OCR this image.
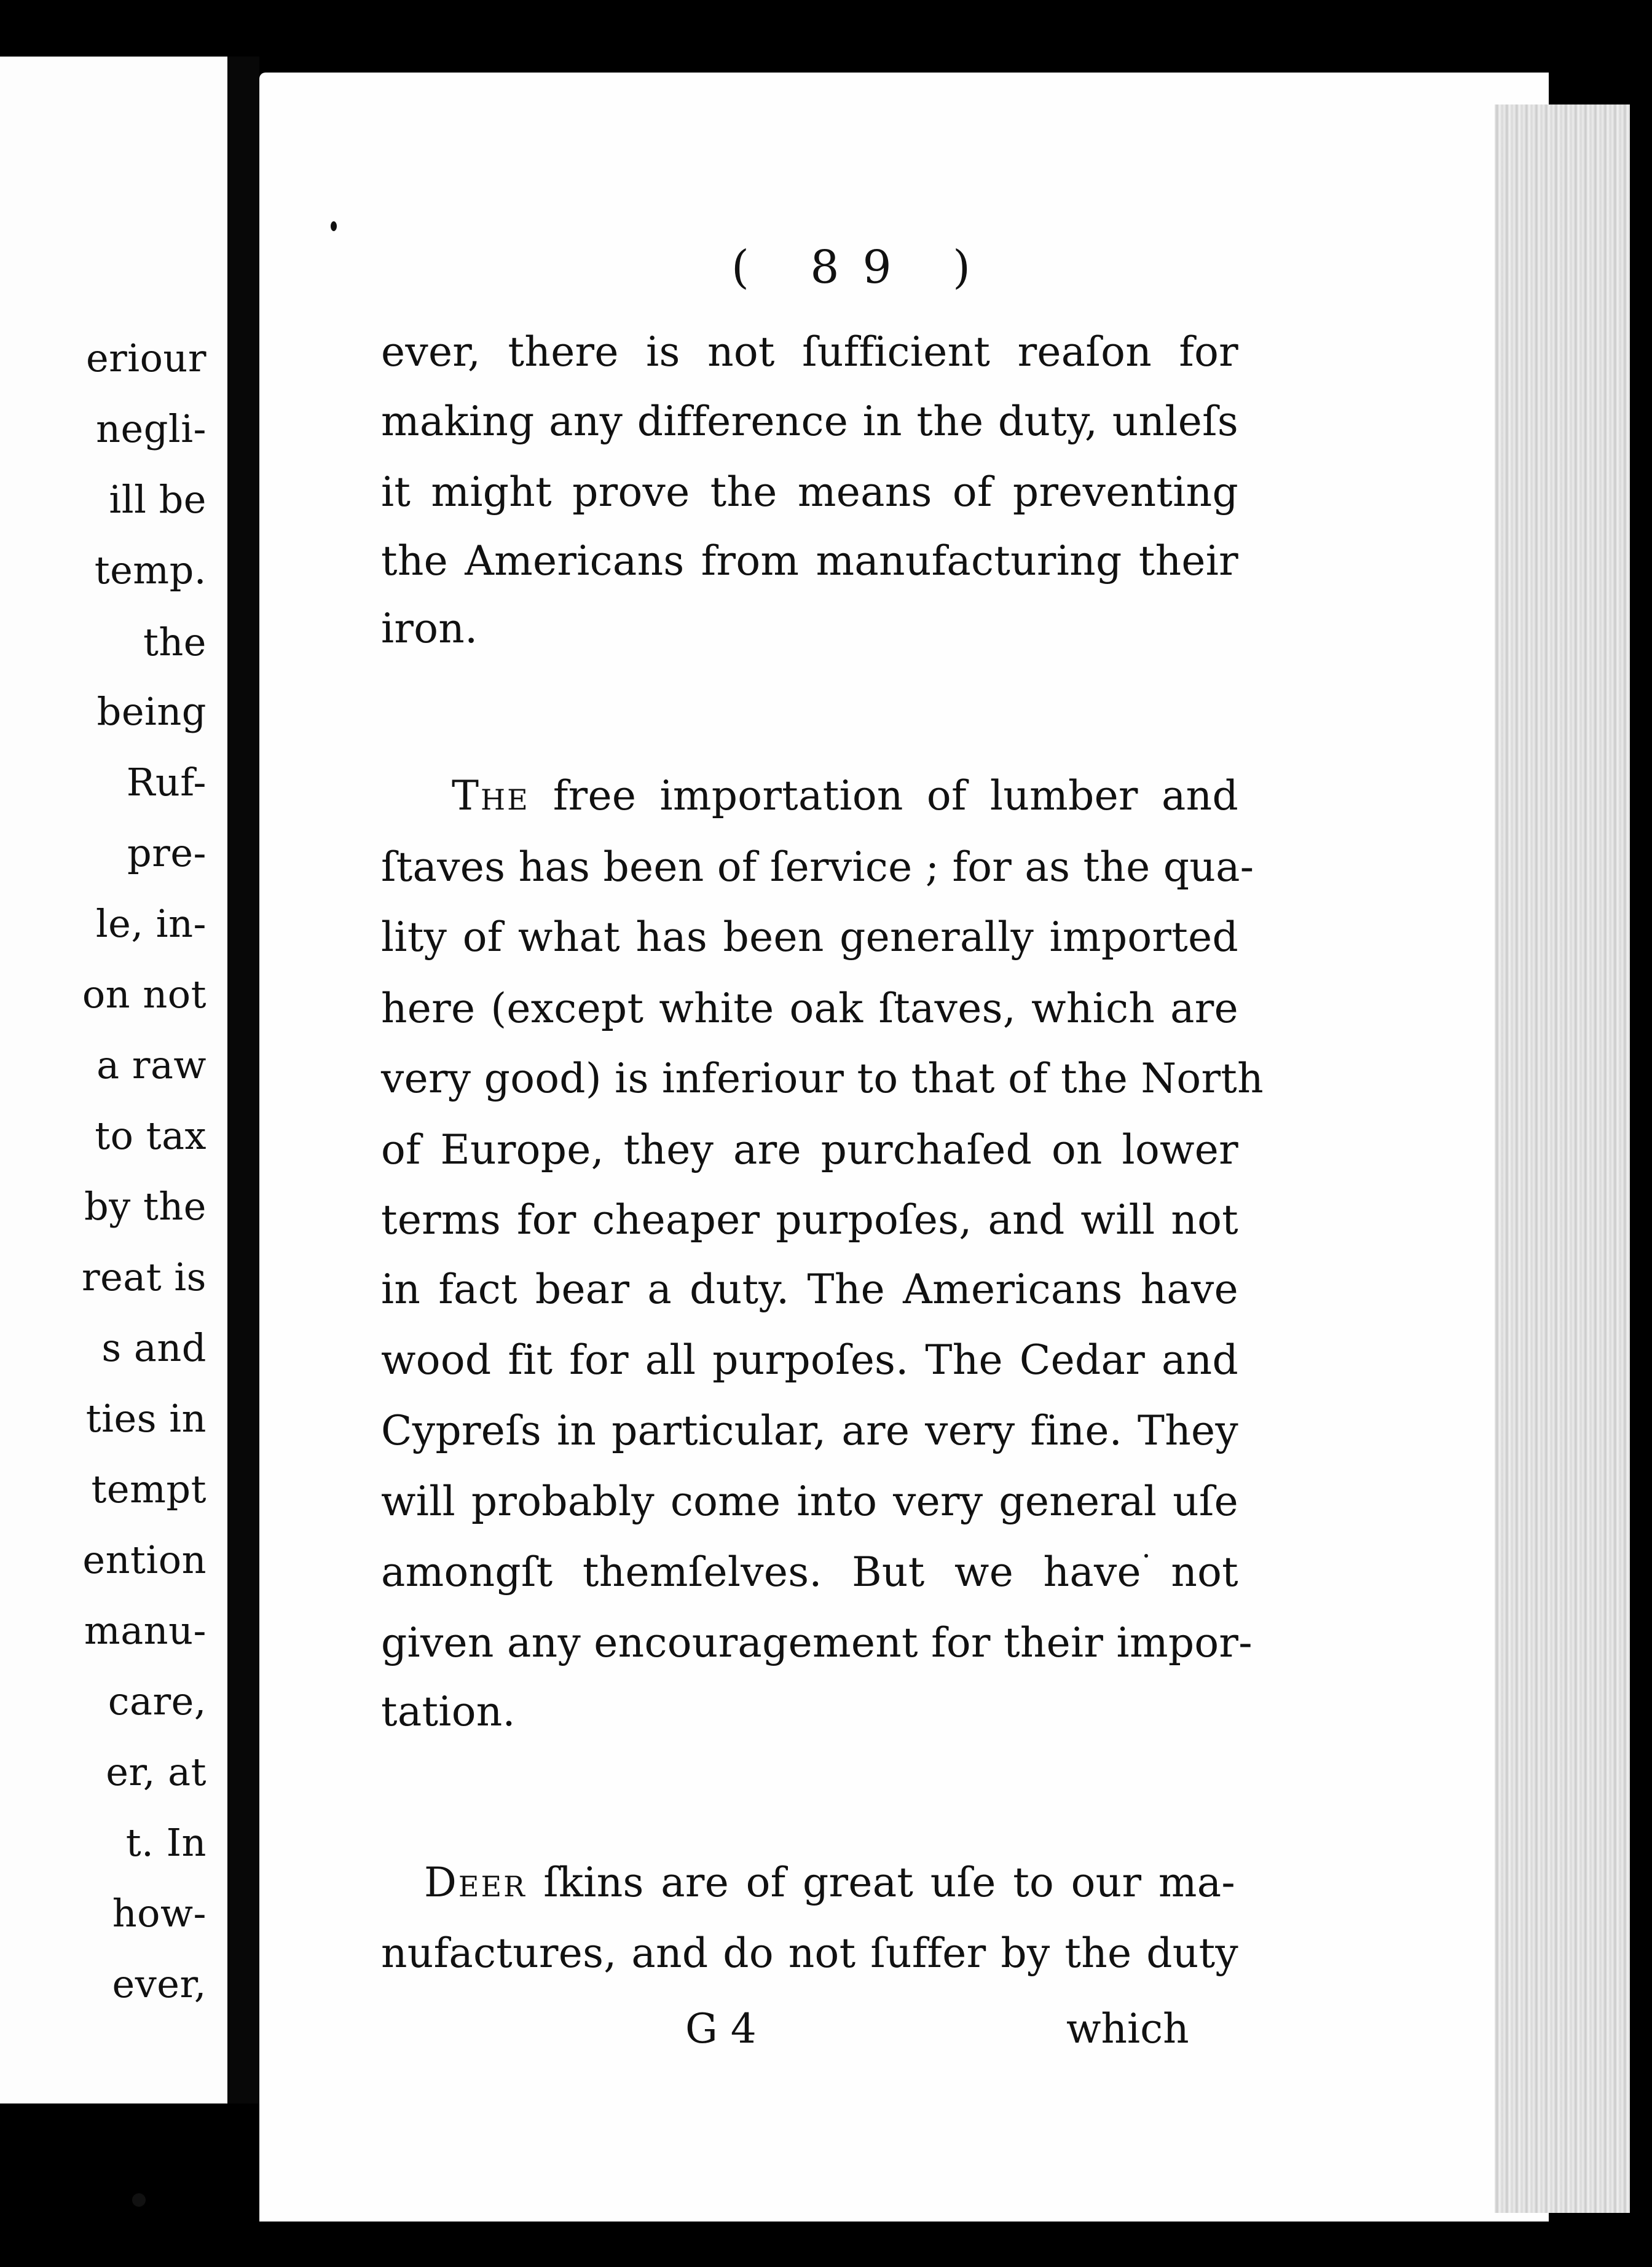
eriour
negli-
ill be
temp.
the
being
Ruf-
pre-
le, in-
on not
a raw
to tax
by the
reat is
s and
ties in
tempt
ention
manu-
care,
er, at
t. In
how-
ever,
( 89 )
ever, there is not ſufficient reaſon for
making any difference in the duty, unleſs
it might prove the means of preventing
the Americans from manufacturing their
iron.
The free importation of lumber and
ſtaves has been of ſervice ; for as the qua-
lity of what has been generally imported
here (except white oak ſtaves, which are
very good) is inferiour to that of the North
of Europe, they are purchaſed on lower
terms for cheaper purpoſes, and will not
in fact bear a duty. The Americans have
wood fit for all purpoſes. The Cedar and
Cypreſs in particular, are very fine. They
will probably come into very general uſe
amongſt themſelves. But we have not
given any encouragement for their impor-
tation.
Deer ſkins are of great uſe to our ma-
nufactures, and do not ſuffer by the duty
G 4	which
